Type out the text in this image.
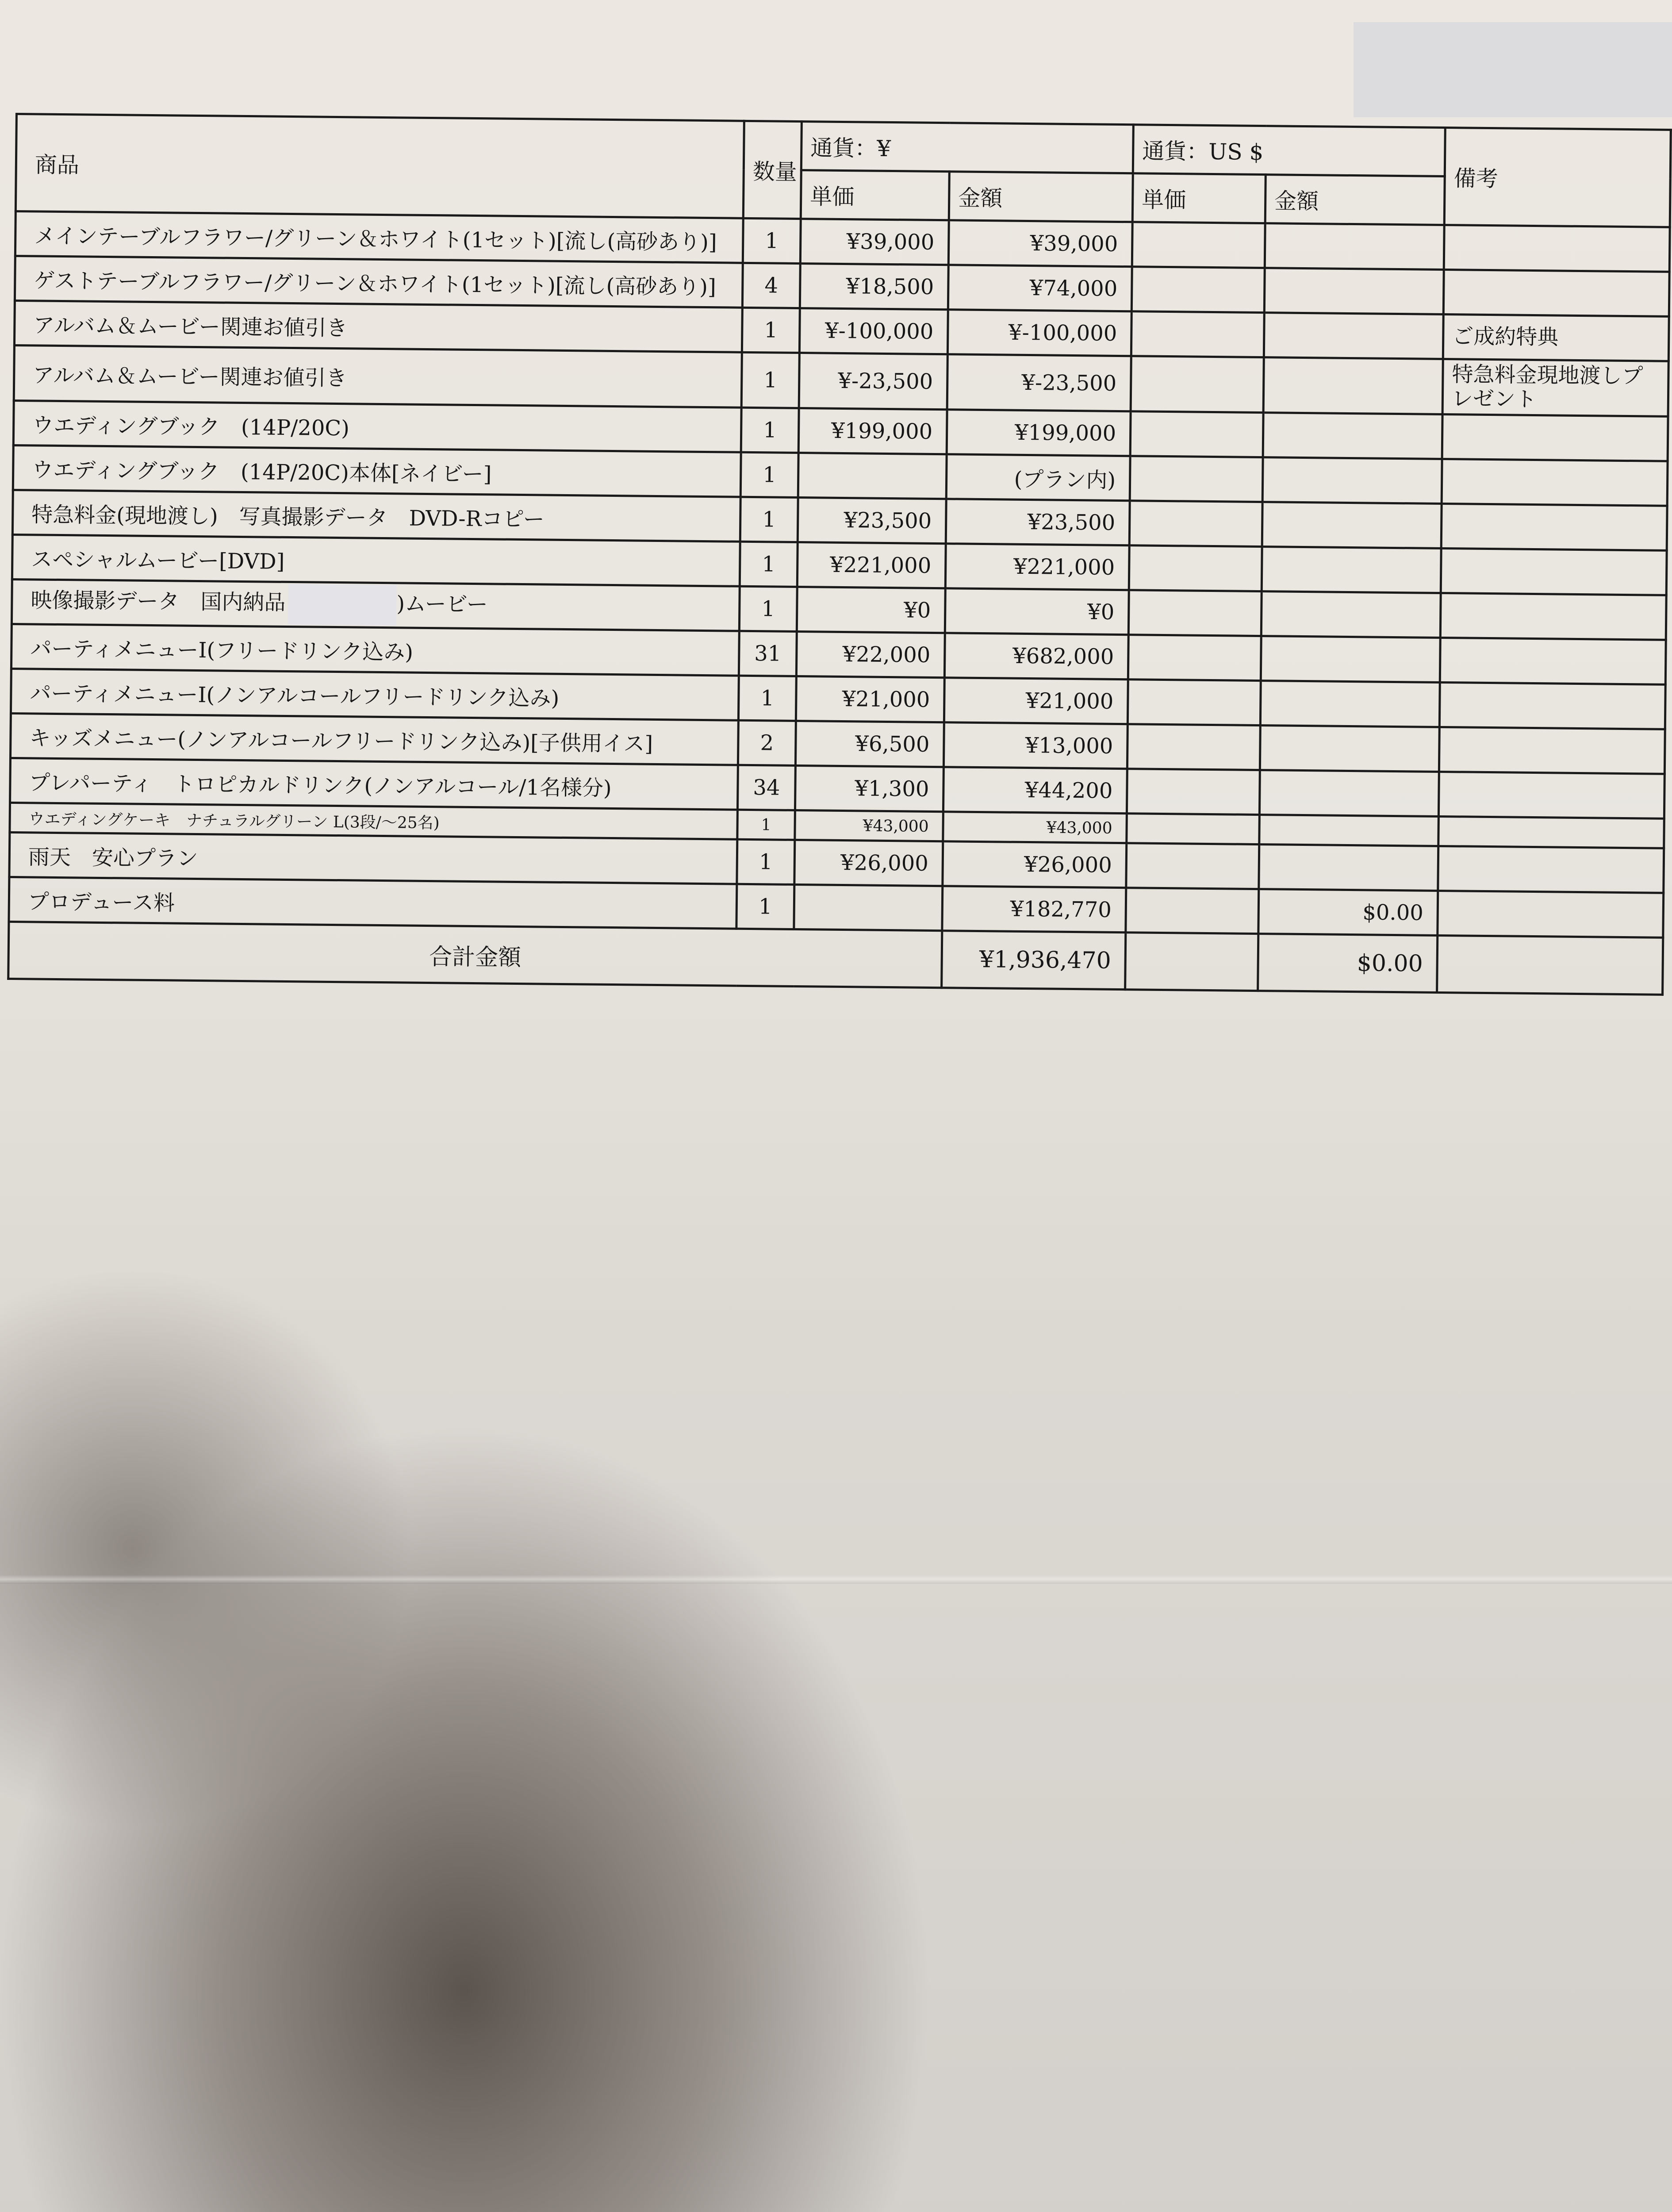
商品	数量	通貨：¥		通貨：US $		備考
		単価	金額	単価	金額	
メインテーブルフラワー/グリーン＆ホワイト(1セット)[流し(高砂あり)]	1	¥39,000	¥39,000			
ゲストテーブルフラワー/グリーン＆ホワイト(1セット)[流し(高砂あり)]	4	¥18,500	¥74,000			
アルバム＆ムービー関連お値引き	1	¥-100,000	¥-100,000			ご成約特典
アルバム＆ムービー関連お値引き	1	¥-23,500	¥-23,500			特急料金現地渡しプレゼント
ウエディングブック　(14P/20C)	1	¥199,000	¥199,000			
ウエディングブック　(14P/20C)本体[ネイビー]	1		(プラン内)			
特急料金(現地渡し)　写真撮影データ　DVD-Rコピー	1	¥23,500	¥23,500			
スペシャルムービー[DVD]	1	¥221,000	¥221,000			
映像撮影データ　国内納品 )ムービー	1	¥0	¥0			
パーティメニューⅠ(フリードリンク込み)	31	¥22,000	¥682,000			
パーティメニューⅠ(ノンアルコールフリードリンク込み)	1	¥21,000	¥21,000			
キッズメニュー(ノンアルコールフリードリンク込み)[子供用イス]	2	¥6,500	¥13,000			
プレパーティ　トロピカルドリンク(ノンアルコール/1名様分)	34	¥1,300	¥44,200			
ウエディングケーキ　ナチュラルグリーン L(3段/～25名)	1	¥43,000	¥43,000			
雨天　安心プラン	1	¥26,000	¥26,000			
プロデュース料	1		¥182,770		$0.00	
合計金額			¥1,936,470		$0.00	
